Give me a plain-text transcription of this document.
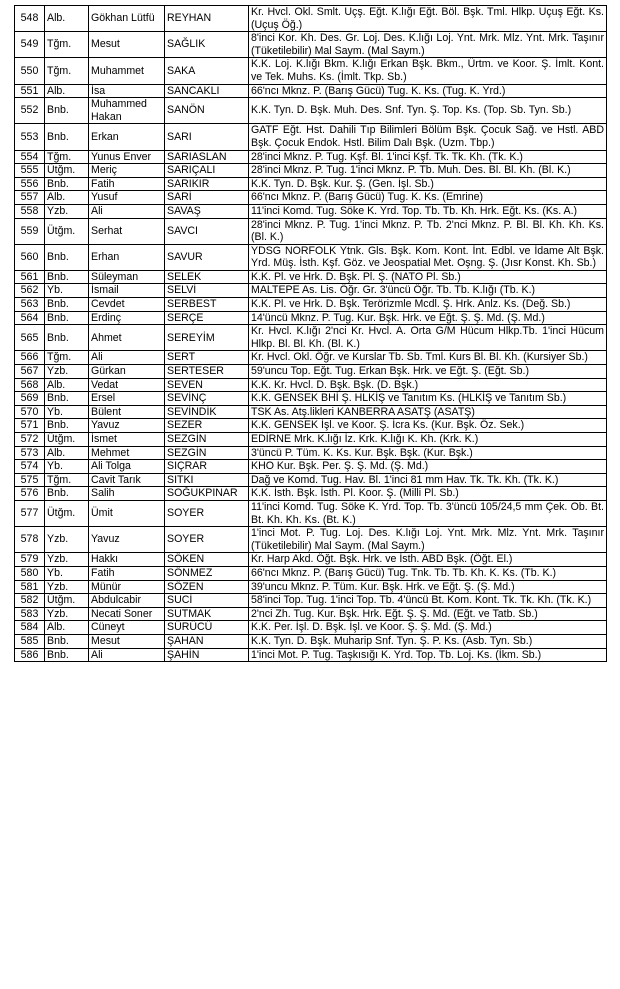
548	Alb.	Gökhan Lütfü	REYHAN	Kr. Hvcl. Okl. Smlt. Uçş. Eğt. K.lığı Eğt. Böl. Bşk. Tml. Hlkp. Uçuş Eğt. Ks. (Uçuş Öğ.)
549	Tğm.	Mesut	SAĞLIK	8'inci Kor. Kh. Des. Gr. Loj. Des. K.lığı Loj. Ynt. Mrk. Mlz. Ynt. Mrk. Taşınır (Tüketilebilir) Mal Saym. (Mal Saym.)
550	Tğm.	Muhammet	SAKA	K.K. Loj. K.lığı Bkm. K.lığı Erkan Bşk. Bkm., Ürtm. ve Koor. Ş. İmlt. Kont. ve Tek. Muhs. Ks. (İmlt. Tkp. Sb.)
551	Alb.	İsa	SANCAKLI	66'ncı Mknz. P. (Barış Gücü) Tug. K. Ks. (Tug. K. Yrd.)
552	Bnb.	Muhammed Hakan	SANÖN	K.K. Tyn. D. Bşk. Muh. Des. Snf. Tyn. Ş. Top. Ks. (Top. Sb. Tyn. Sb.)
553	Bnb.	Erkan	SARI	GATF Eğt. Hst. Dahili Tıp Bilimleri Bölüm Bşk. Çocuk Sağ. ve Hstl. ABD Bşk. Çocuk Endok. Hstl. Bilim Dalı Bşk. (Uzm. Tbp.)
554	Tğm.	Yunus Enver	SARIASLAN	28'inci Mknz. P. Tug. Kşf. Bl. 1'inci Kşf. Tk. Tk. Kh. (Tk. K.)
555	Ütğm.	Meriç	SARIÇALI	28'inci Mknz. P. Tug. 1'inci Mknz. P. Tb. Muh. Des. Bl. Bl. Kh. (Bl. K.)
556	Bnb.	Fatih	SARIKIR	K.K. Tyn. D. Bşk. Kur. Ş. (Gen. İşl. Sb.)
557	Alb.	Yusuf	SARİ	66'ncı Mknz. P. (Barış Gücü) Tug. K. Ks. (Emrine)
558	Yzb.	Ali	SAVAŞ	11'inci Komd. Tug. Söke K. Yrd. Top. Tb. Tb. Kh. Hrk. Eğt. Ks. (Ks. A.)
559	Ütğm.	Serhat	SAVCI	28'inci Mknz. P. Tug. 1'inci Mknz. P. Tb. 2'nci Mknz. P. Bl. Bl. Kh. Kh. Ks. (Bl. K.)
560	Bnb.	Erhan	SAVUR	YDSG NORFOLK Ytnk. Gls. Bşk. Kom. Kont. İnt. Edbl. ve İdame Alt Bşk. Yrd. Müş. İsth. Kşf. Göz. ve Jeospatial Met. Oşng. Ş. (Jısr Konst. Kh. Sb.)
561	Bnb.	Süleyman	SELEK	K.K. Pl. ve Hrk. D. Bşk. Pl. Ş. (NATO Pl. Sb.)
562	Yb.	İsmail	SELVİ	MALTEPE As. Lis. Öğr. Gr. 3'üncü Öğr. Tb. Tb. K.lığı (Tb. K.)
563	Bnb.	Cevdet	SERBEST	K.K. Pl. ve Hrk. D. Bşk. Terörizmle Mcdl. Ş. Hrk. Anlz. Ks. (Değ. Sb.)
564	Bnb.	Erdinç	SERÇE	14'üncü Mknz. P. Tug. Kur. Bşk. Hrk. ve Eğt. Ş. Ş. Md. (Ş. Md.)
565	Bnb.	Ahmet	SEREYİM	Kr. Hvcl. K.lığı 2'nci Kr. Hvcl. A. Orta G/M Hücum Hlkp.Tb. 1'inci Hücum Hlkp. Bl. Bl. Kh. (Bl. K.)
566	Tğm.	Ali	SERT	Kr. Hvcl. Okl. Öğr. ve Kurslar Tb. Sb. Tml. Kurs Bl. Bl. Kh. (Kursiyer Sb.)
567	Yzb.	Gürkan	SERTESER	59'uncu Top. Eğt. Tug. Erkan Bşk. Hrk. ve Eğt. Ş. (Eğt. Sb.)
568	Alb.	Vedat	SEVEN	K.K. Kr. Hvcl. D. Bşk. Bşk. (D. Bşk.)
569	Bnb.	Ersel	SEVİNÇ	K.K. GENSEK BHİ Ş. HLKİŞ ve Tanıtım Ks. (HLKİŞ ve Tanıtım Sb.)
570	Yb.	Bülent	SEVİNDİK	TSK As. Atş.likleri KANBERRA ASATŞ (ASATŞ)
571	Bnb.	Yavuz	SEZER	K.K. GENSEK İşl. ve Koor. Ş. İcra Ks. (Kur. Bşk. Öz. Sek.)
572	Ütğm.	İsmet	SEZGİN	EDİRNE Mrk. K.lığı İz. Krk. K.lığı K. Kh. (Krk. K.)
573	Alb.	Mehmet	SEZGİN	3'üncü P. Tüm. K. Ks. Kur. Bşk. Bşk. (Kur. Bşk.)
574	Yb.	Ali Tolga	SIÇRAR	KHO Kur. Bşk. Per. Ş. Ş. Md. (Ş. Md.)
575	Tğm.	Cavit Tarık	SITKI	Dağ ve Komd. Tug. Hav. Bl. 1'inci 81 mm Hav. Tk. Tk. Kh. (Tk. K.)
576	Bnb.	Salih	SOĞUKPINAR	K.K. İsth. Bşk. İsth. Pl. Koor. Ş. (Milli Pl. Sb.)
577	Ütğm.	Ümit	SOYER	11'inci Komd. Tug. Söke K. Yrd. Top. Tb. 3'üncü 105/24,5 mm Çek. Ob. Bt. Bt. Kh. Kh. Ks. (Bt. K.)
578	Yzb.	Yavuz	SOYER	1'inci Mot. P. Tug. Loj. Des. K.lığı Loj. Ynt. Mrk. Mlz. Ynt. Mrk. Taşınır (Tüketilebilir) Mal Saym. (Mal Saym.)
579	Yzb.	Hakkı	SÖKEN	Kr. Harp Akd. Öğt. Bşk. Hrk. ve İsth. ABD Bşk. (Öğt. El.)
580	Yb.	Fatih	SÖNMEZ	66'ncı Mknz. P. (Barış Gücü) Tug. Tnk. Tb. Tb. Kh. K. Ks. (Tb. K.)
581	Yzb.	Münür	SÖZEN	39'uncu Mknz. P. Tüm. Kur. Bşk. Hrk. ve Eğt. Ş. (Ş. Md.)
582	Ütğm.	Abdulcabir	SUCİ	58'inci Top. Tug. 1'inci Top. Tb. 4'üncü Bt. Kom. Kont. Tk. Tk. Kh. (Tk. K.)
583	Yzb.	Necati Soner	SUTMAK	2'nci Zh. Tug. Kur. Bşk. Hrk. Eğt. Ş. Ş. Md. (Eğt. ve Tatb. Sb.)
584	Alb.	Cüneyt	SÜRÜCÜ	K.K. Per. İşl. D. Bşk. İşl. ve Koor. Ş. Ş. Md. (Ş. Md.)
585	Bnb.	Mesut	ŞAHAN	K.K. Tyn. D. Bşk. Muharip Snf. Tyn. Ş. P. Ks. (Asb. Tyn. Sb.)
586	Bnb.	Ali	ŞAHİN	1'inci Mot. P. Tug. Taşkısığı K. Yrd. Top. Tb. Loj. Ks. (İkm. Sb.)
